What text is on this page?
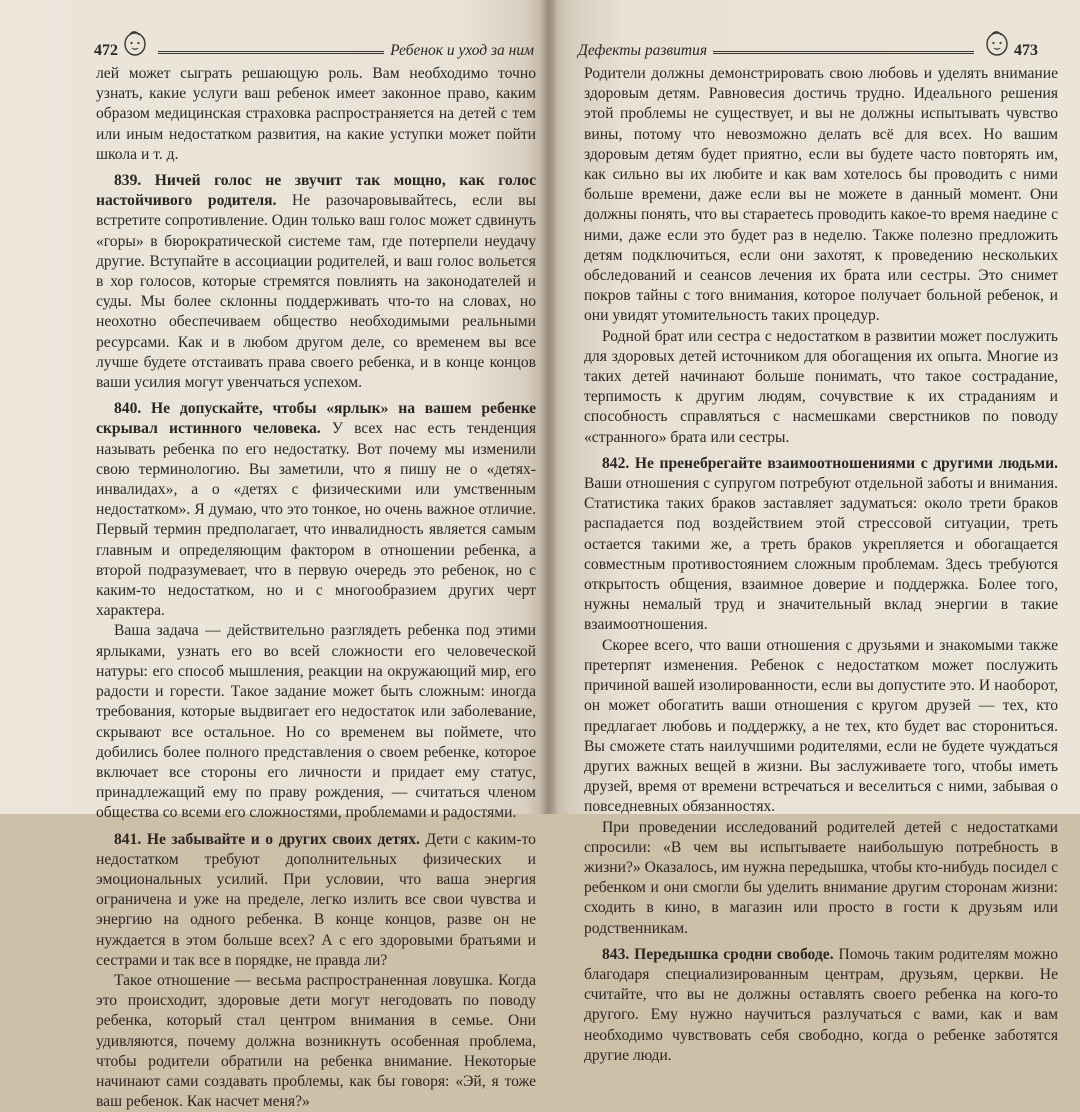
472	Ребенок и уход за ним

лей может сыграть решающую роль. Вам необходимо точно узнать, какие услуги ваш ребенок имеет законное право, каким образом медицинская страховка распространяется на детей с тем или иным недостатком развития, на какие уступки может пойти школа и т. д.

839. Ничей голос не звучит так мощно, как голос настойчивого родителя. Не разочаровывайтесь, если вы встретите сопротивление. Один только ваш голос может сдвинуть «горы» в бюрократической системе там, где потерпели неудачу другие. Вступайте в ассоциации родителей, и ваш голос вольется в хор голосов, которые стремятся повлиять на законодателей и суды. Мы более склонны поддерживать что-то на словах, но неохотно обеспечиваем общество необходимыми реальными ресурсами. Как и в любом другом деле, со временем вы все лучше будете отстаивать права своего ребенка, и в конце концов ваши усилия могут увенчаться успехом.

840. Не допускайте, чтобы «ярлык» на вашем ребенке скрывал истинного человека. У всех нас есть тенденция называть ребенка по его недостатку. Вот почему мы изменили свою терминологию. Вы заметили, что я пишу не о «детях-инвалидах», а о «детях с физическими или умственным недостатком». Я думаю, что это тонкое, но очень важное отличие. Первый термин предполагает, что инвалидность является самым главным и определяющим фактором в отношении ребенка, а второй подразумевает, что в первую очередь это ребенок, но с каким-то недостатком, но и с многообразием других черт характера.

Ваша задача — действительно разглядеть ребенка под этими ярлыками, узнать его во всей сложности его человеческой натуры: его способ мышления, реакции на окружающий мир, его радости и горести. Такое задание может быть сложным: иногда требования, которые выдвигает его недостаток или заболевание, скрывают все остальное. Но со временем вы поймете, что добились более полного представления о своем ребенке, которое включает все стороны его личности и придает ему статус, принадлежащий ему по праву рождения, — считаться членом общества со всеми его сложностями, проблемами и радостями.

841. Не забывайте и о других своих детях. Дети с каким-то недостатком требуют дополнительных физических и эмоциональных усилий. При условии, что ваша энергия ограничена и уже на пределе, легко излить все свои чувства и энергию на одного ребенка. В конце концов, разве он не нуждается в этом больше всех? А с его здоровыми братьями и сестрами и так все в порядке, не правда ли?

Такое отношение — весьма распространенная ловушка. Когда это происходит, здоровые дети могут негодовать по поводу ребенка, который стал центром внимания в семье. Они удивляются, почему должна возникнуть особенная проблема, чтобы родители обратили на ребенка внимание. Некоторые начинают сами создавать проблемы, как бы говоря: «Эй, я тоже ваш ребенок. Как насчет меня?»

Дефекты развития	473

Родители должны демонстрировать свою любовь и уделять внимание здоровым детям. Равновесия достичь трудно. Идеального решения этой проблемы не существует, и вы не должны испытывать чувство вины, потому что невозможно делать всё для всех. Но вашим здоровым детям будет приятно, если вы будете часто повторять им, как сильно вы их любите и как вам хотелось бы проводить с ними больше времени, даже если вы не можете в данный момент. Они должны понять, что вы стараетесь проводить какое-то время наедине с ними, даже если это будет раз в неделю. Также полезно предложить детям подключиться, если они захотят, к проведению нескольких обследований и сеансов лечения их брата или сестры. Это снимет покров тайны с того внимания, которое получает больной ребенок, и они увидят утомительность таких процедур.

Родной брат или сестра с недостатком в развитии может послужить для здоровых детей источником для обогащения их опыта. Многие из таких детей начинают больше понимать, что такое сострадание, терпимость к другим людям, сочувствие к их страданиям и способность справляться с насмешками сверстников по поводу «странного» брата или сестры.

842. Не пренебрегайте взаимоотношениями с другими людьми. Ваши отношения с супругом потребуют отдельной заботы и внимания. Статистика таких браков заставляет задуматься: около трети браков распадается под воздействием этой стрессовой ситуации, треть остается такими же, а треть браков укрепляется и обогащается совместным противостоянием сложным проблемам. Здесь требуются открытость общения, взаимное доверие и поддержка. Более того, нужны немалый труд и значительный вклад энергии в такие взаимоотношения.

Скорее всего, что ваши отношения с друзьями и знакомыми также претерпят изменения. Ребенок с недостатком может послужить причиной вашей изолированности, если вы допустите это. И наоборот, он может обогатить ваши отношения с кругом друзей — тех, кто предлагает любовь и поддержку, а не тех, кто будет вас сторониться. Вы сможете стать наилучшими родителями, если не будете чуждаться других важных вещей в жизни. Вы заслуживаете того, чтобы иметь друзей, время от времени встречаться и веселиться с ними, забывая о повседневных обязанностях.

При проведении исследований родителей детей с недостатками спросили: «В чем вы испытываете наибольшую потребность в жизни?» Оказалось, им нужна передышка, чтобы кто-нибудь посидел с ребенком и они смогли бы уделить внимание другим сторонам жизни: сходить в кино, в магазин или просто в гости к друзьям или родственникам.

843. Передышка сродни свободе. Помочь таким родителям можно благодаря специализированным центрам, друзьям, церкви. Не считайте, что вы не должны оставлять своего ребенка на кого-то другого. Ему нужно научиться разлучаться с вами, как и вам необходимо чувствовать себя свободно, когда о ребенке заботятся другие люди.
